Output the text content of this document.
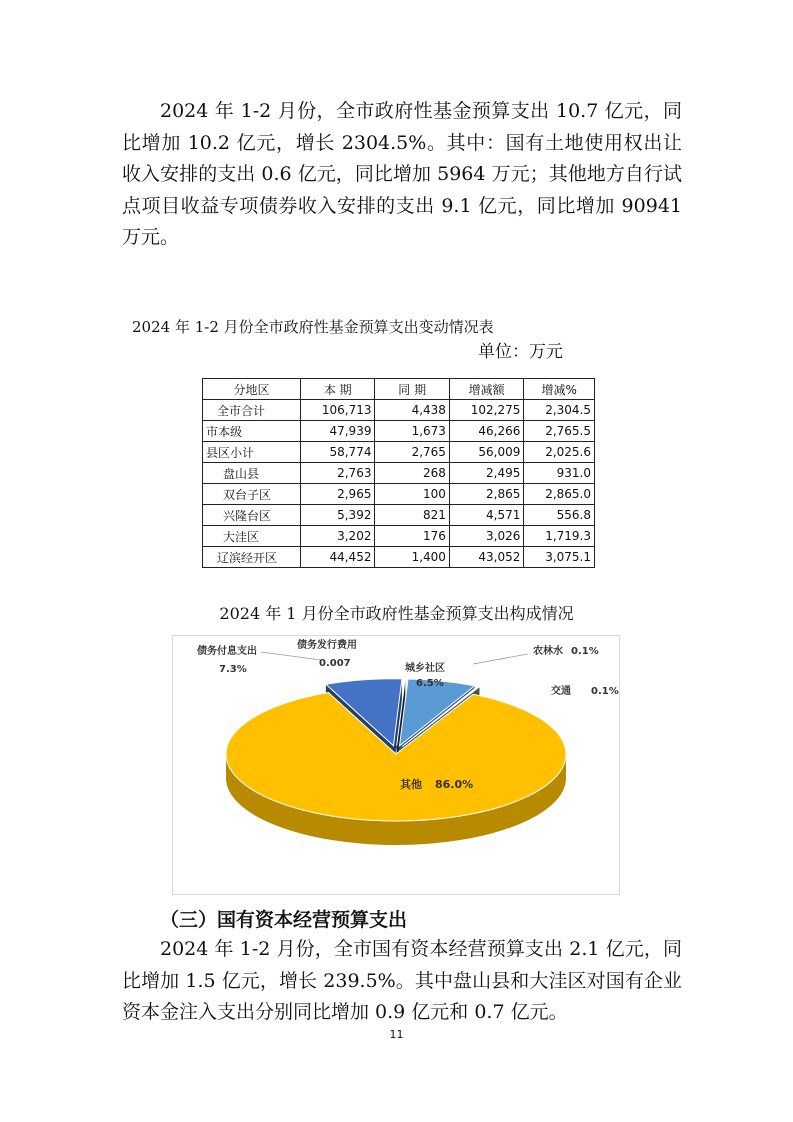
2024 年 1-2 月份，全市政府性基金预算支出 10.7 亿元，同比增加 10.2 亿元，增长 2304.5%。其中：国有土地使用权出让收入安排的支出 0.6 亿元，同比增加 5964 万元；其他地方自行试点项目收益专项债券收入安排的支出 9.1 亿元，同比增加 90941 万元。

2024 年 1-2 月份全市政府性基金预算支出变动情况表
单位：万元
分地区	本 期	同 期	增减额	增减%
全市合计	106,713	4,438	102,275	2,304.5
市本级	47,939	1,673	46,266	2,765.5
县区小计	58,774	2,765	56,009	2,025.6
盘山县	2,763	268	2,495	931.0
双台子区	2,965	100	2,865	2,865.0
兴隆台区	5,392	821	4,571	556.8
大洼区	3,202	176	3,026	1,719.3
辽滨经开区	44,452	1,400	43,052	3,075.1
2024 年 1 月份全市政府性基金预算支出构成情况
城乡社区
6.5%
农林水 0.1%
交通 0.1%
其他 86.0%
债务付息支出
7.3%
债务发行费用
0.007
（三）国有资本经营预算支出

2024 年 1-2 月份，全市国有资本经营预算支出 2.1 亿元，同比增加 1.5 亿元，增长 239.5%。其中盘山县和大洼区对国有企业资本金注入支出分别同比增加 0.9 亿元和 0.7 亿元。

11
